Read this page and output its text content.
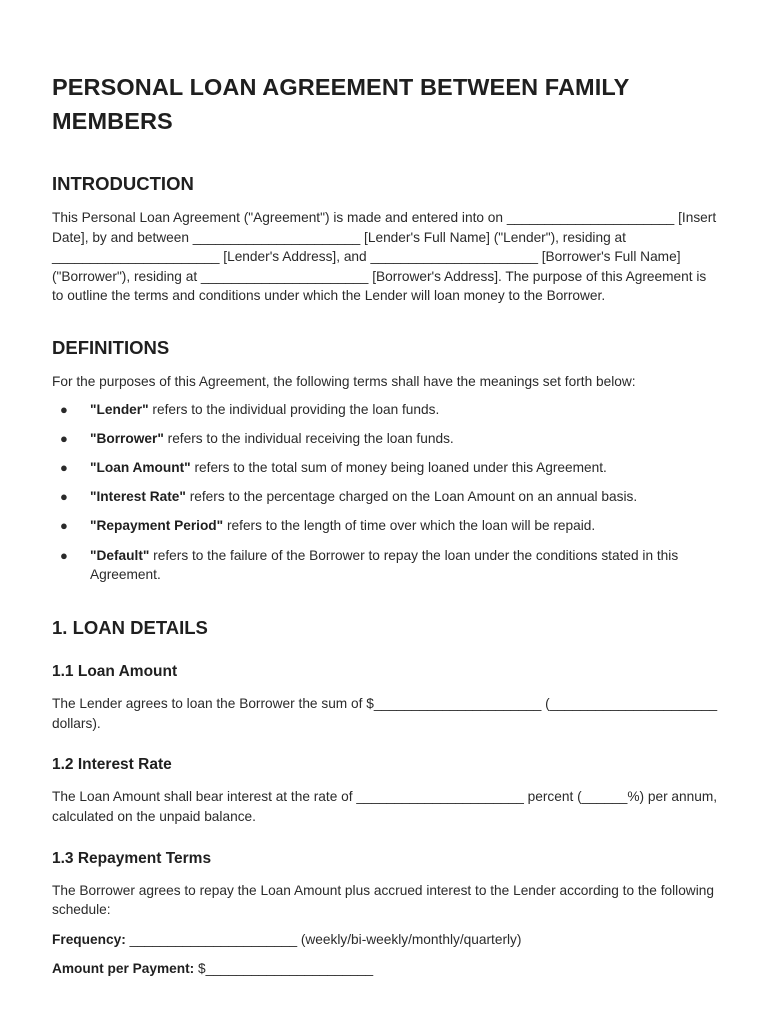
PERSONAL LOAN AGREEMENT BETWEEN FAMILY MEMBERS
INTRODUCTION

This Personal Loan Agreement ("Agreement") is made and entered into on ______________________ [Insert Date], by and between ______________________ [Lender's Full Name] ("Lender"), residing at ______________________ [Lender's Address], and ______________________ [Borrower's Full Name] ("Borrower"), residing at ______________________ [Borrower's Address]. The purpose of this Agreement is to outline the terms and conditions under which the Lender will loan money to the Borrower.

DEFINITIONS

For the purposes of this Agreement, the following terms shall have the meanings set forth below:

● "Lender" refers to the individual providing the loan funds.
● "Borrower" refers to the individual receiving the loan funds.
● "Loan Amount" refers to the total sum of money being loaned under this Agreement.
● "Interest Rate" refers to the percentage charged on the Loan Amount on an annual basis.
● "Repayment Period" refers to the length of time over which the loan will be repaid.
● "Default" refers to the failure of the Borrower to repay the loan under the conditions stated in this Agreement.
1. LOAN DETAILS
1.1 Loan Amount

The Lender agrees to loan the Borrower the sum of $______________________ (______________________ dollars).

1.2 Interest Rate

The Loan Amount shall bear interest at the rate of ______________________ percent (______%) per annum, calculated on the unpaid balance.

1.3 Repayment Terms

The Borrower agrees to repay the Loan Amount plus accrued interest to the Lender according to the following schedule:

Frequency: ______________________ (weekly/bi-weekly/monthly/quarterly)

Amount per Payment: $______________________
